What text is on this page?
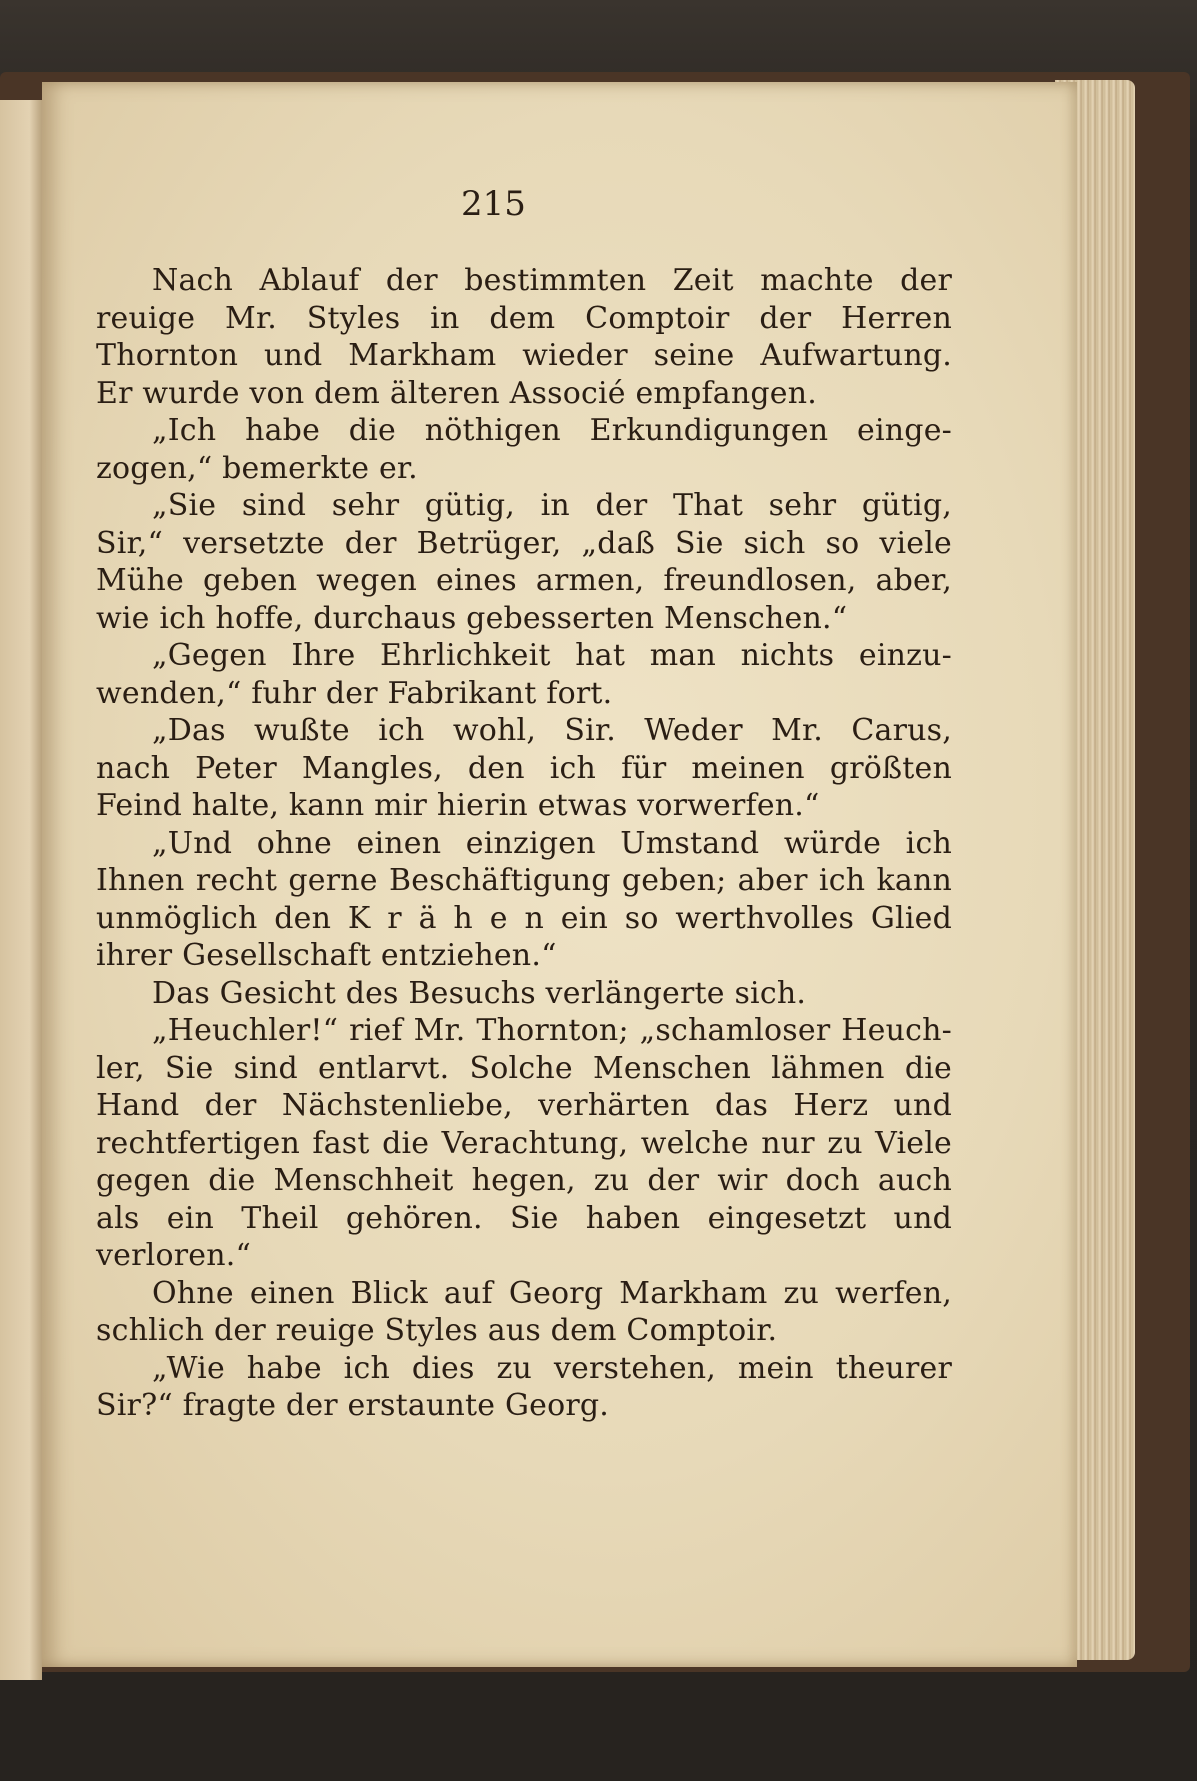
215
Nach Ablauf der bestimmten Zeit machte der
reuige Mr. Styles in dem Comptoir der Herren
Thornton und Markham wieder seine Aufwartung.
Er wurde von dem älteren Associé empfangen.
„Ich habe die nöthigen Erkundigungen einge-
zogen,“ bemerkte er.
„Sie sind sehr gütig, in der That sehr gütig,
Sir,“ versetzte der Betrüger, „daß Sie sich so viele
Mühe geben wegen eines armen, freundlosen, aber,
wie ich hoffe, durchaus gebesserten Menschen.“
„Gegen Ihre Ehrlichkeit hat man nichts einzu-
wenden,“ fuhr der Fabrikant fort.
„Das wußte ich wohl, Sir. Weder Mr. Carus,
nach Peter Mangles, den ich für meinen größten
Feind halte, kann mir hierin etwas vorwerfen.“
„Und ohne einen einzigen Umstand würde ich
Ihnen recht gerne Beschäftigung geben; aber ich kann
unmöglich den K r ä h e n ein so werthvolles Glied
ihrer Gesellschaft entziehen.“
Das Gesicht des Besuchs verlängerte sich.
„Heuchler!“ rief Mr. Thornton; „schamloser Heuch-
ler, Sie sind entlarvt. Solche Menschen lähmen die
Hand der Nächstenliebe, verhärten das Herz und
rechtfertigen fast die Verachtung, welche nur zu Viele
gegen die Menschheit hegen, zu der wir doch auch
als ein Theil gehören. Sie haben eingesetzt und
verloren.“
Ohne einen Blick auf Georg Markham zu werfen,
schlich der reuige Styles aus dem Comptoir.
„Wie habe ich dies zu verstehen, mein theurer
Sir?“ fragte der erstaunte Georg.
